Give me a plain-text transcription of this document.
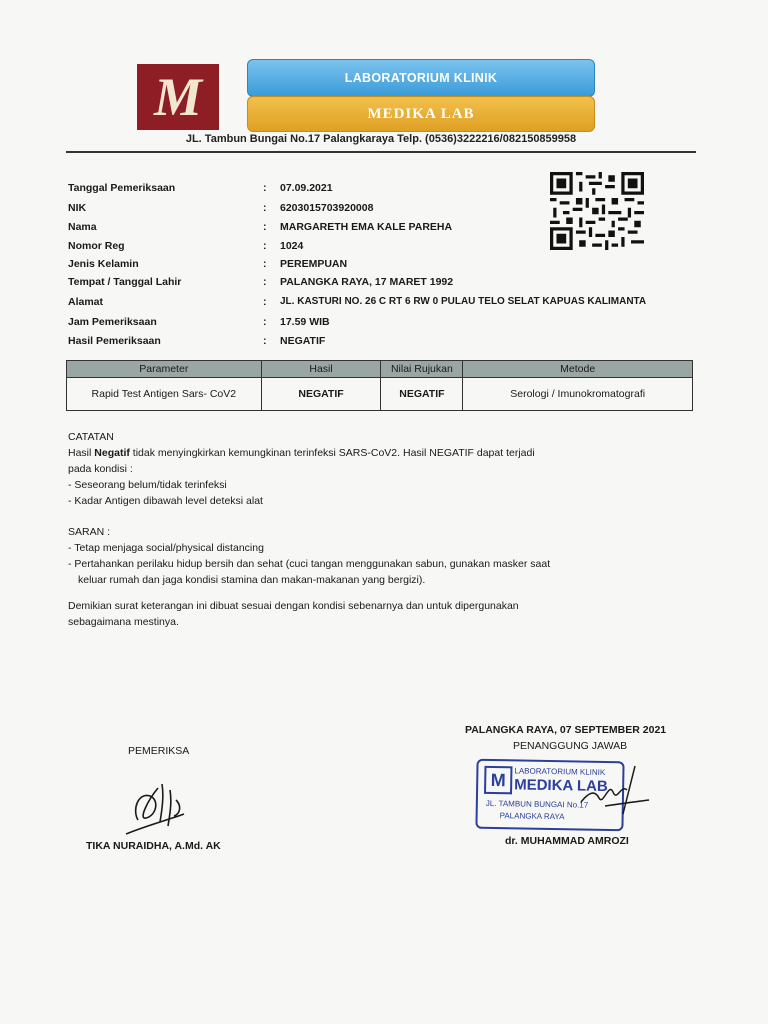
M	LABORATORIUM KLINIK
MEDIKA LAB
JL. Tambun Bungai No.17 Palangkaraya Telp. (0536)3222216/082150859958
Tanggal Pemeriksaan	: 07.09.2021
NIK	: 6203015703920008
Nama	: MARGARETH EMA KALE PAREHA
Nomor Reg	: 1024
Jenis Kelamin	: PEREMPUAN
Tempat / Tanggal Lahir	: PALANGKA RAYA, 17 MARET 1992
Alamat	: JL. KASTURI NO. 26 C RT 6 RW 0 PULAU TELO SELAT KAPUAS KALIMANTA
Jam Pemeriksaan	: 17.59 WIB
Hasil Pemeriksaan	: NEGATIF
Parameter	Hasil	Nilai Rujukan	Metode
Rapid Test Antigen Sars- CoV2	NEGATIF	NEGATIF	Serologi / Imunokromatografi
CATATAN
Hasil Negatif tidak menyingkirkan kemungkinan terinfeksi SARS-CoV2. Hasil NEGATIF dapat terjadi
pada kondisi :
- Seseorang belum/tidak terinfeksi
- Kadar Antigen dibawah level deteksi alat
SARAN :
- Tetap menjaga social/physical distancing
- Pertahankan perilaku hidup bersih dan sehat (cuci tangan menggunakan sabun, gunakan masker saat
keluar rumah dan jaga kondisi stamina dan makan-makanan yang bergizi).
Demikian surat keterangan ini dibuat sesuai dengan kondisi sebenarnya dan untuk dipergunakan
sebagaimana mestinya.
PEMERIKSA
TIKA NURAIDHA, A.Md. AK
PALANGKA RAYA, 07 SEPTEMBER 2021
PENANGGUNG JAWAB
M	LABORATORIUM KLINIK
MEDIKA LAB
JL. TAMBUN BUNGAI No.17
PALANGKA RAYA
dr. MUHAMMAD AMROZI
